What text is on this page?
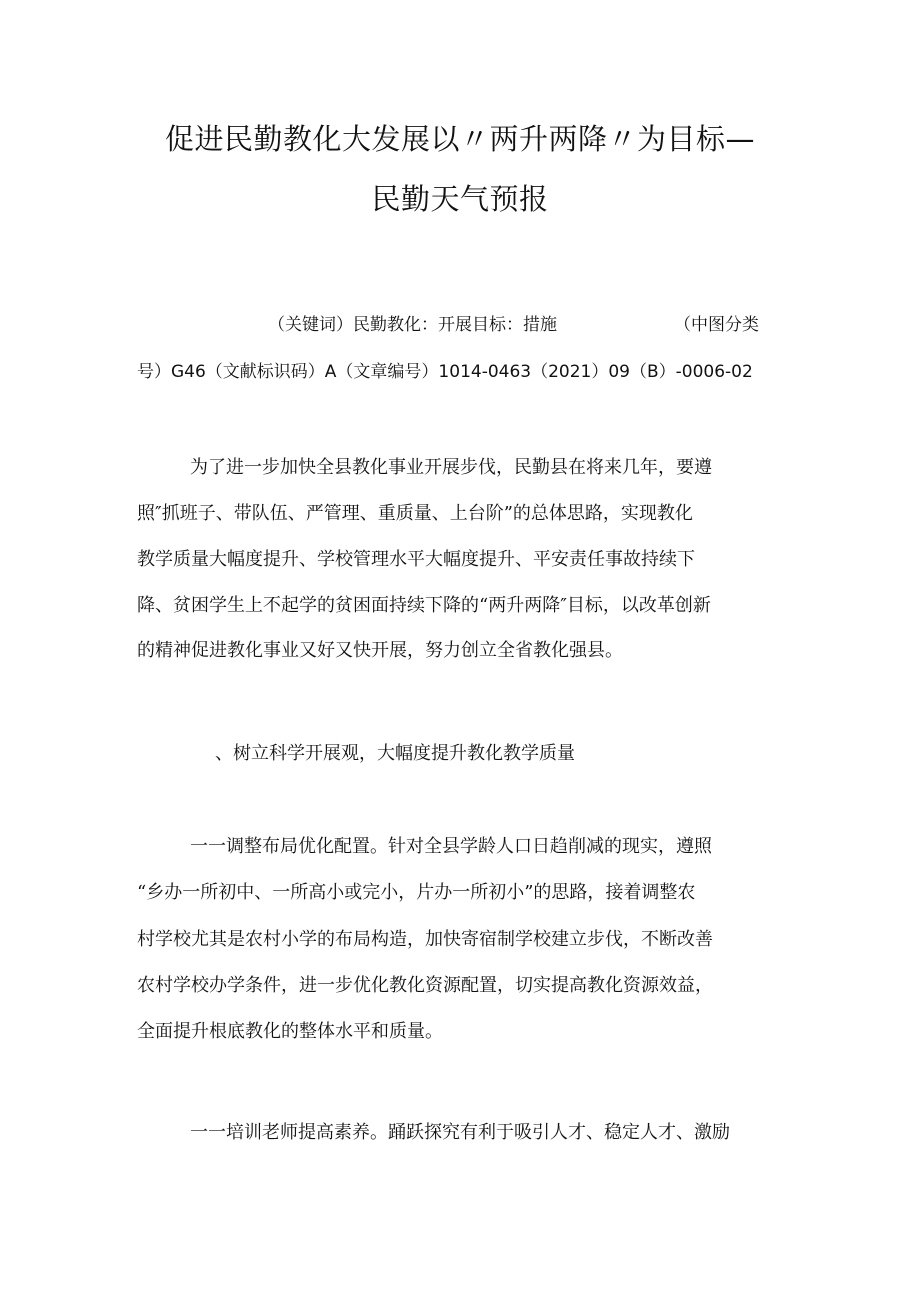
促进民勤教化大发展以〃两升两降〃为目标—
民勤天气预报
（关键词）民勤教化：开展目标：措施	（中图分类
号）G46（文献标识码）A（文章编号）1014-0463（2021）09（B）-0006-02
为了进一步加快全县教化事业开展步伐，民勤县在将来几年，要遵
照″抓班子、带队伍、严管理、重质量、上台阶”的总体思路，实现教化
教学质量大幅度提升、学校管理水平大幅度提升、平安责任事故持续下
降、贫困学生上不起学的贫困面持续下降的“两升两降″目标，以改革创新
的精神促进教化事业又好又快开展，努力创立全省教化强县。
、树立科学开展观，大幅度提升教化教学质量
一一调整布局优化配置。针对全县学龄人口日趋削减的现实，遵照
“乡办一所初中、一所高小或完小，片办一所初小”的思路，接着调整农
村学校尤其是农村小学的布局构造，加快寄宿制学校建立步伐，不断改善
农村学校办学条件，进一步优化教化资源配置，切实提高教化资源效益，
全面提升根底教化的整体水平和质量。
一一培训老师提高素养。踊跃探究有利于吸引人才、稳定人才、激励
